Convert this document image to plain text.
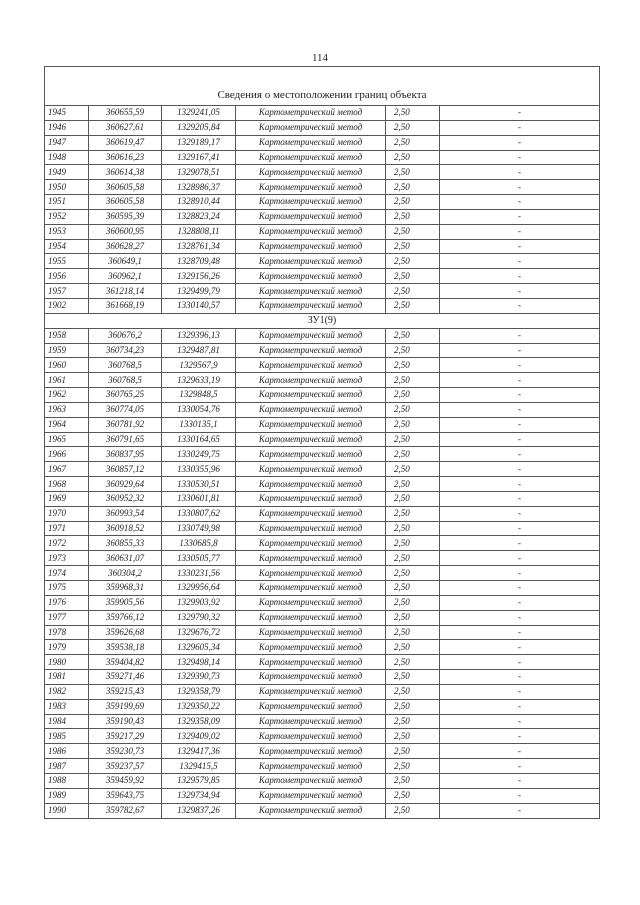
114
Сведения о местоположении границ объекта					
1945	360655,59	1329241,05	Картометрический метод	2,50	-
1946	360627,61	1329205,84	Картометрический метод	2,50	-
1947	360619,47	1329189,17	Картометрический метод	2,50	-
1948	360616,23	1329167,41	Картометрический метод	2,50	-
1949	360614,38	1329078,51	Картометрический метод	2,50	-
1950	360605,58	1328986,37	Картометрический метод	2,50	-
1951	360605,58	1328910,44	Картометрический метод	2,50	-
1952	360595,39	1328823,24	Картометрический метод	2,50	-
1953	360600,95	1328808,11	Картометрический метод	2,50	-
1954	360628,27	1328761,34	Картометрический метод	2,50	-
1955	360649,1	1328709,48	Картометрический метод	2,50	-
1956	360962,1	1329156,26	Картометрический метод	2,50	-
1957	361218,14	1329499,79	Картометрический метод	2,50	-
1902	361668,19	1330140,57	Картометрический метод	2,50	-
ЗУ1(9)					
1958	360676,2	1329396,13	Картометрический метод	2,50	-
1959	360734,23	1329487,81	Картометрический метод	2,50	-
1960	360768,5	1329567,9	Картометрический метод	2,50	-
1961	360768,5	1329633,19	Картометрический метод	2,50	-
1962	360765,25	1329848,5	Картометрический метод	2,50	-
1963	360774,05	1330054,76	Картометрический метод	2,50	-
1964	360781,92	1330135,1	Картометрический метод	2,50	-
1965	360791,65	1330164,65	Картометрический метод	2,50	-
1966	360837,95	1330249,75	Картометрический метод	2,50	-
1967	360857,12	1330355,96	Картометрический метод	2,50	-
1968	360929,64	1330530,51	Картометрический метод	2,50	-
1969	360952,32	1330601,81	Картометрический метод	2,50	-
1970	360993,54	1330807,62	Картометрический метод	2,50	-
1971	360918,52	1330749,98	Картометрический метод	2,50	-
1972	360855,33	1330685,8	Картометрический метод	2,50	-
1973	360631,07	1330505,77	Картометрический метод	2,50	-
1974	360304,2	1330231,56	Картометрический метод	2,50	-
1975	359968,31	1329956,64	Картометрический метод	2,50	-
1976	359905,56	1329903,92	Картометрический метод	2,50	-
1977	359766,12	1329790,32	Картометрический метод	2,50	-
1978	359626,68	1329676,72	Картометрический метод	2,50	-
1979	359538,18	1329605,34	Картометрический метод	2,50	-
1980	359404,82	1329498,14	Картометрический метод	2,50	-
1981	359271,46	1329390,73	Картометрический метод	2,50	-
1982	359215,43	1329358,79	Картометрический метод	2,50	-
1983	359199,69	1329350,22	Картометрический метод	2,50	-
1984	359190,43	1329358,09	Картометрический метод	2,50	-
1985	359217,29	1329409,02	Картометрический метод	2,50	-
1986	359230,73	1329417,36	Картометрический метод	2,50	-
1987	359237,57	1329415,5	Картометрический метод	2,50	-
1988	359459,92	1329579,85	Картометрический метод	2,50	-
1989	359643,75	1329734,94	Картометрический метод	2,50	-
1990	359782,67	1329837,26	Картометрический метод	2,50	-
